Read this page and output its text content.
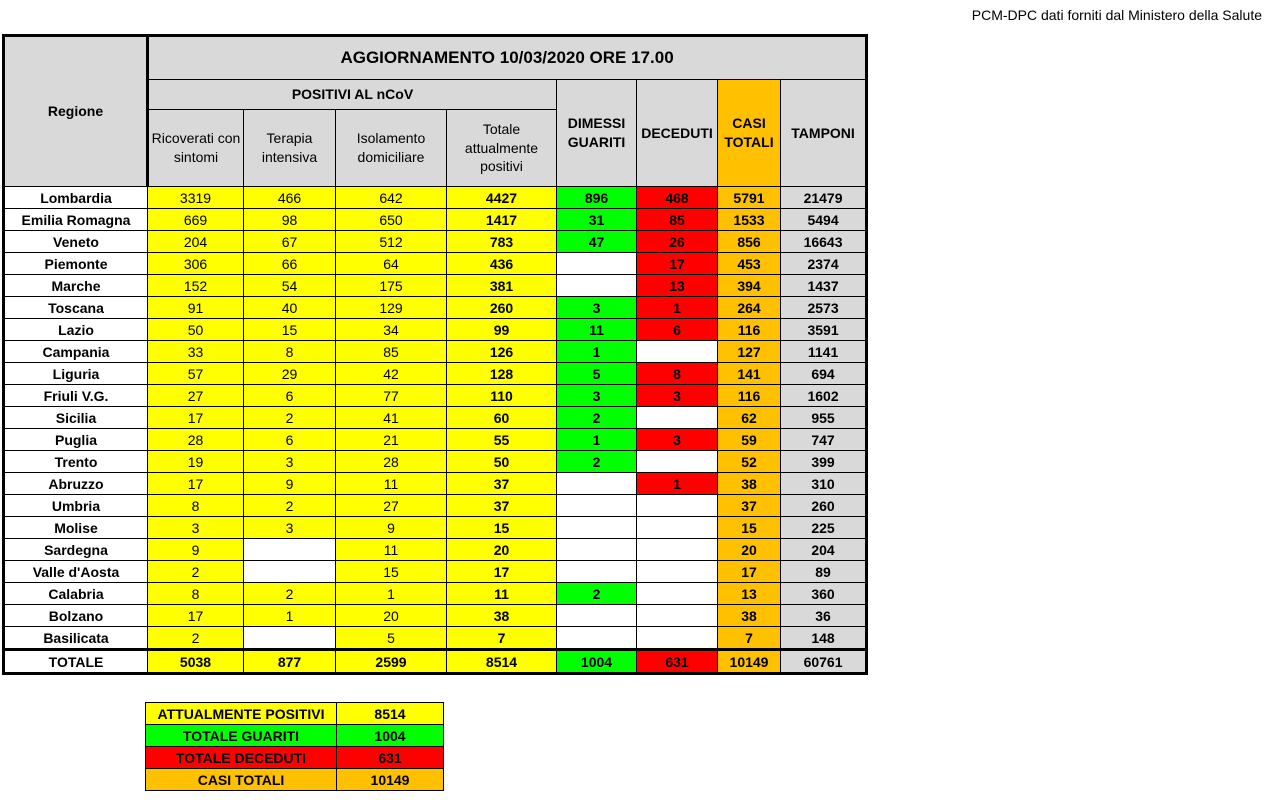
PCM-DPC dati forniti dal Ministero della Salute
Regione	AGGIORNAMENTO 10/03/2020 ORE 17.00							
	POSITIVI AL nCoV				DIMESSI GUARITI	DECEDUTI	CASI TOTALI	TAMPONI
	Ricoverati con sintomi	Terapia intensiva	Isolamento domiciliare	Totale attualmente positivi				
Lombardia	3319	466	642	4427	896	468	5791	21479
Emilia Romagna	669	98	650	1417	31	85	1533	5494
Veneto	204	67	512	783	47	26	856	16643
Piemonte	306	66	64	436		17	453	2374
Marche	152	54	175	381		13	394	1437
Toscana	91	40	129	260	3	1	264	2573
Lazio	50	15	34	99	11	6	116	3591
Campania	33	8	85	126	1		127	1141
Liguria	57	29	42	128	5	8	141	694
Friuli V.G.	27	6	77	110	3	3	116	1602
Sicilia	17	2	41	60	2		62	955
Puglia	28	6	21	55	1	3	59	747
Trento	19	3	28	50	2		52	399
Abruzzo	17	9	11	37		1	38	310
Umbria	8	2	27	37			37	260
Molise	3	3	9	15			15	225
Sardegna	9		11	20			20	204
Valle d'Aosta	2		15	17			17	89
Calabria	8	2	1	11	2		13	360
Bolzano	17	1	20	38			38	36
Basilicata	2		5	7			7	148
TOTALE	5038	877	2599	8514	1004	631	10149	60761
ATTUALMENTE POSITIVI	8514
TOTALE GUARITI	1004
TOTALE DECEDUTI	631
CASI TOTALI	10149
